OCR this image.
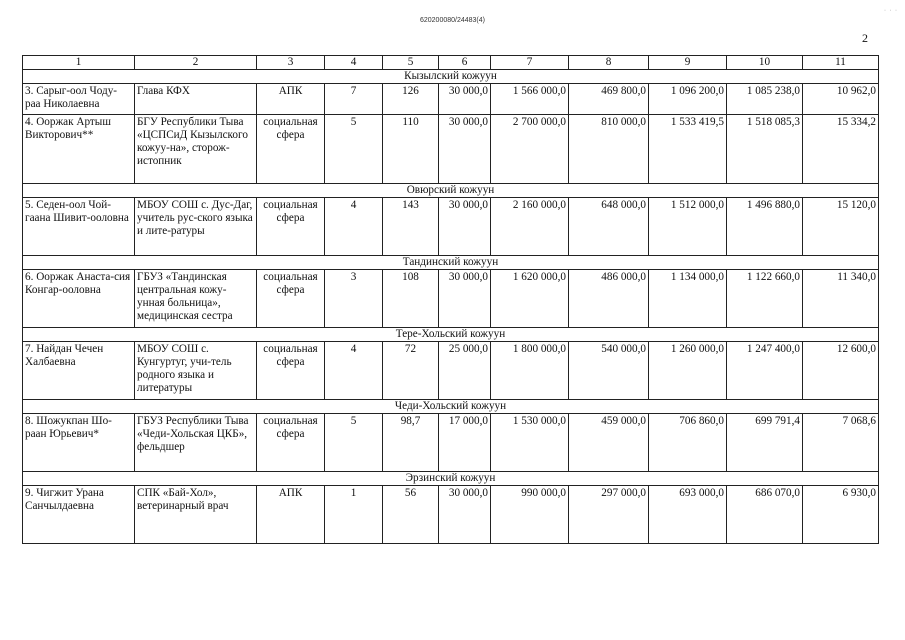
· · ·
620200080/24483(4)
2
1	2	3	4	5	6	7	8	9	10	11
Кызылский кожуун										
3. Сарыг-оол Чоду-раа Николаевна	Глава КФХ	АПК	7	126	30 000,0	1 566 000,0	469 800,0	1 096 200,0	1 085 238,0	10 962,0
4. Ооржак Артыш Викторович**	БГУ Республики Тыва «ЦСПСиД Кызылского кожуу-на», сторож-истопник	социальная сфера	5	110	30 000,0	2 700 000,0	810 000,0	1 533 419,5	1 518 085,3	15 334,2
Овюрский кожуун										
5. Седен-оол Чой-гаана Шивит-ооловна	МБОУ СОШ с. Дус-Даг, учитель рус-ского языка и лите-ратуры	социальная сфера	4	143	30 000,0	2 160 000,0	648 000,0	1 512 000,0	1 496 880,0	15 120,0
Тандинский кожуун										
6. Ооржак Анаста-сия Конгар-ооловна	ГБУЗ «Тандинская центральная кожу-унная больница», медицинская сестра	социальная сфера	3	108	30 000,0	1 620 000,0	486 000,0	1 134 000,0	1 122 660,0	11 340,0
Тере-Хольский кожуун										
7. Найдан Чечен Халбаевна	МБОУ СОШ с. Кунгуртуг, учи-тель родного языка и литературы	социальная сфера	4	72	25 000,0	1 800 000,0	540 000,0	1 260 000,0	1 247 400,0	12 600,0
Чеди-Хольский кожуун										
8. Шожукпан Шо-раан Юрьевич*	ГБУЗ Республики Тыва «Чеди-Хольская ЦКБ», фельдшер	социальная сфера	5	98,7	17 000,0	1 530 000,0	459 000,0	706 860,0	699 791,4	7 068,6
Эрзинский кожуун										
9. Чигжит Урана Санчылдаевна	СПК «Бай-Хол», ветеринарный врач	АПК	1	56	30 000,0	990 000,0	297 000,0	693 000,0	686 070,0	6 930,0
